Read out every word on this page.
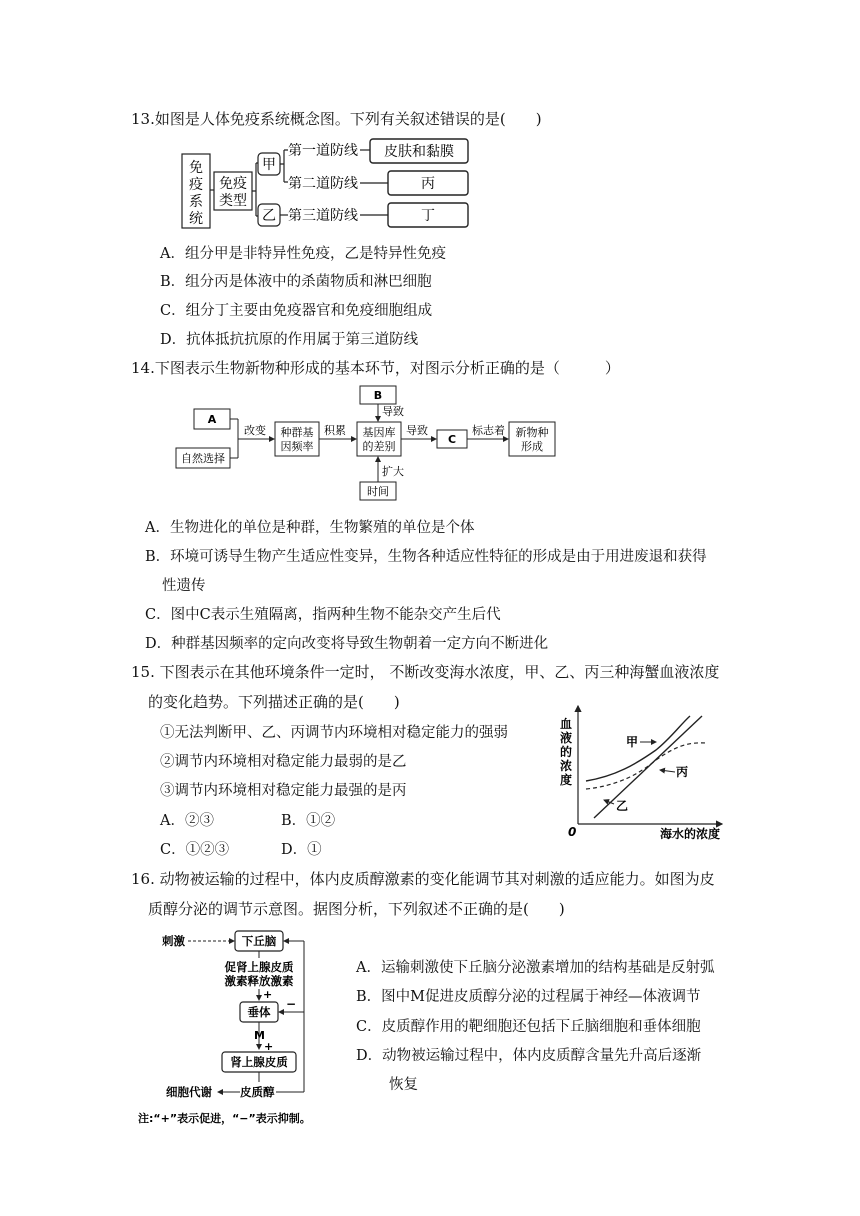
13.如图是人体免疫系统概念图。下列有关叙述错误的是(　　)
免
疫
系
统
免疫
类型
甲
乙
第一道防线
第二道防线
第三道防线
皮肤和黏膜
丙
丁
A．组分甲是非特异性免疫，乙是特异性免疫
B．组分丙是体液中的杀菌物质和淋巴细胞
C．组分丁主要由免疫器官和免疫细胞组成
D．抗体抵抗抗原的作用属于第三道防线
14.下图表示生物新物种形成的基本环节，对图示分析正确的是（　　　）
A
自然选择
改变 种群基
因频率
积累
B
导致
基因库
的差别
时间
扩大
导致
C
标志着 新物种
形成
A．生物进化的单位是种群，生物繁殖的单位是个体
B．环境可诱导生物产生适应性变异，生物各种适应性特征的形成是由于用进废退和获得
性遗传
C．图中C表示生殖隔离，指两种生物不能杂交产生后代
D．种群基因频率的定向改变将导致生物朝着一定方向不断进化
15. 下图表示在其他环境条件一定时， 不断改变海水浓度，甲、乙、丙三种海蟹血液浓度
的变化趋势。下列描述正确的是(　　)
①无法判断甲、乙、丙调节内环境相对稳定能力的强弱
②调节内环境相对稳定能力最弱的是乙
③调节内环境相对稳定能力最强的是丙
A．②③	B．①②
C．①②③	D．①
血
液
的
浓
度
0	海水的浓度
甲
丙
乙
16. 动物被运输的过程中，体内皮质醇激素的变化能调节其对刺激的适应能力。如图为皮
质醇分泌的调节示意图。据图分析，下列叙述不正确的是(　　)
刺激	下丘脑
促肾上腺皮质
激素释放激素
+
垂体
M
+
肾上腺皮质
皮质醇
细胞代谢
−
注:“+”表示促进，“−”表示抑制。
A．运输刺激使下丘脑分泌激素增加的结构基础是反射弧
B．图中M促进皮质醇分泌的过程属于神经—体液调节
C．皮质醇作用的靶细胞还包括下丘脑细胞和垂体细胞
D．动物被运输过程中，体内皮质醇含量先升高后逐渐
恢复
